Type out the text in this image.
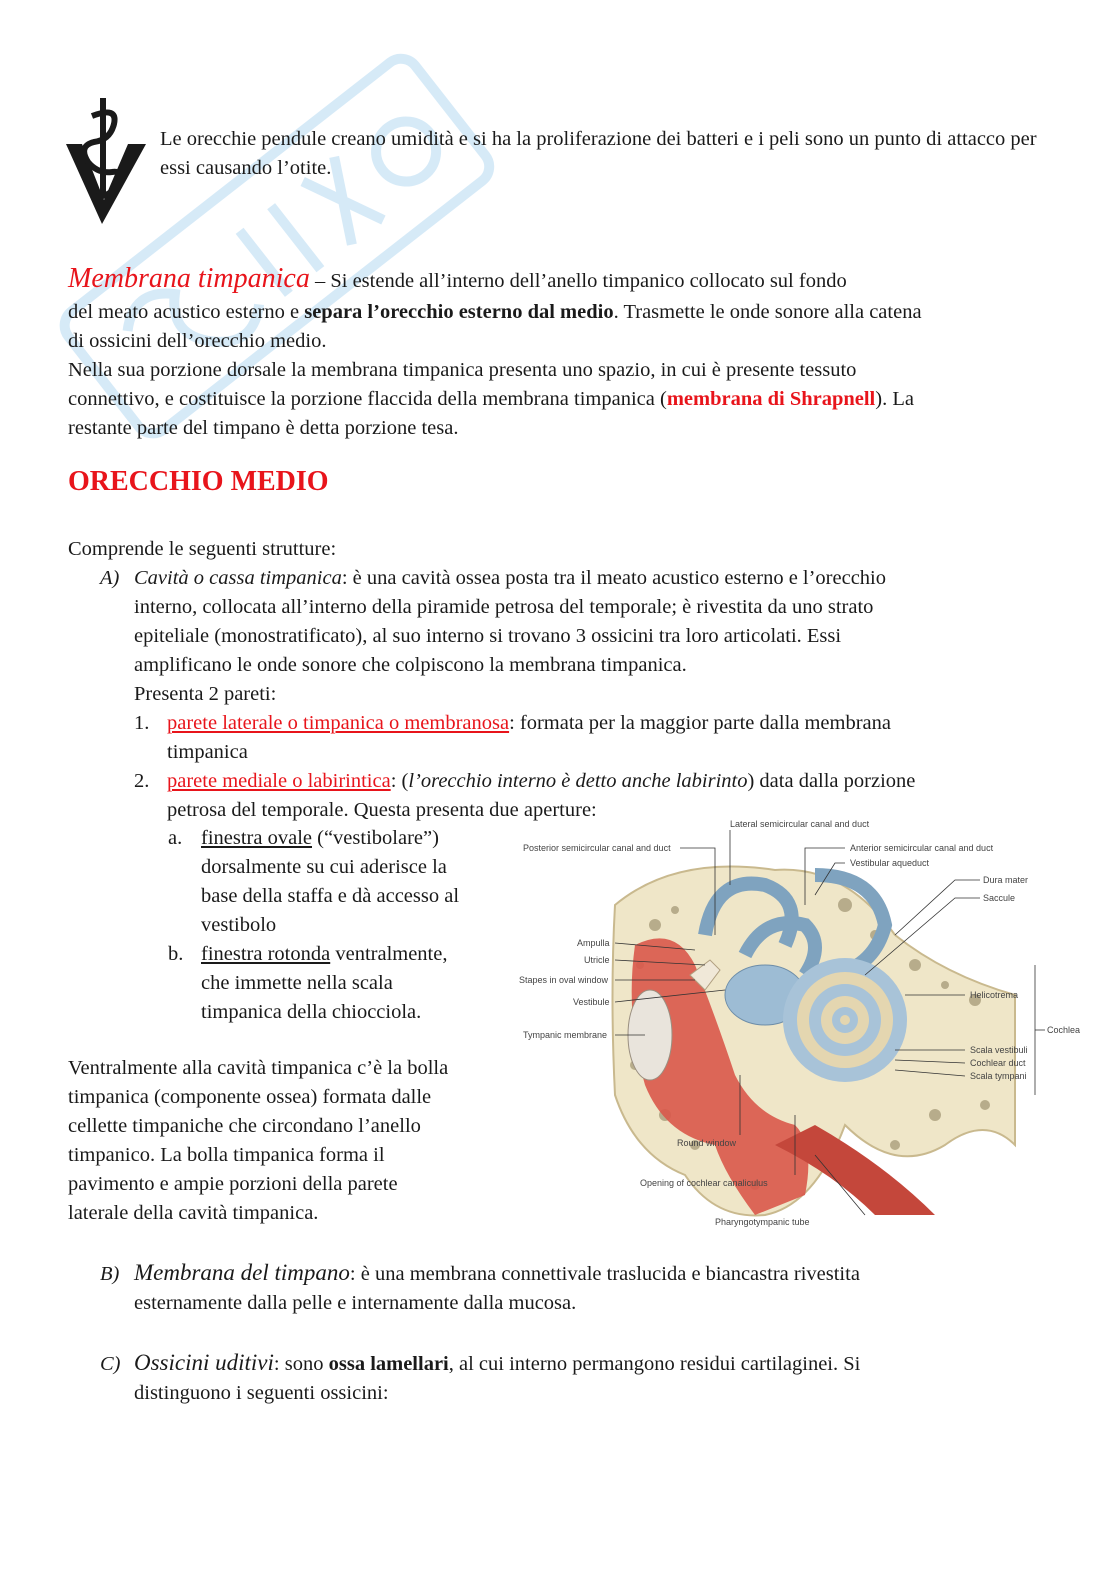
Le orecchie pendule creano umidità e si ha la proliferazione dei batteri e i peli sono un punto di attacco per essi causando l’otite.
Membrana timpanica – Si estende all’interno dell’anello timpanico collocato sul fondo
del meato acustico esterno e separa l’orecchio esterno dal medio. Trasmette le onde sonore alla catena
di ossicini dell’orecchio medio.
Nella sua porzione dorsale la membrana timpanica presenta uno spazio, in cui è presente tessuto
connettivo, e costituisce la porzione flaccida della membrana timpanica (membrana di Shrapnell). La
restante parte del timpano è detta porzione tesa.
ORECCHIO MEDIO
Comprende le seguenti strutture:
A) Cavità o cassa timpanica: è una cavità ossea posta tra il meato acustico esterno e l’orecchio
interno, collocata all’interno della piramide petrosa del temporale; è rivestita da uno strato
epiteliale (monostratificato), al suo interno si trovano 3 ossicini tra loro articolati. Essi
amplificano le onde sonore che colpiscono la membrana timpanica.
Presenta 2 pareti:
1. parete laterale o timpanica o membranosa: formata per la maggior parte dalla membrana
timpanica
2. parete mediale o labirintica: (l’orecchio interno è detto anche labirinto) data dalla porzione
petrosa del temporale. Questa presenta due aperture:
a. finestra ovale (“vestibolare”)
dorsalmente su cui aderisce la
base della staffa e dà accesso al
vestibolo
b. finestra rotonda ventralmente,
che immette nella scala
timpanica della chiocciola.
Ventralmente alla cavità timpanica c’è la bolla
timpanica (componente ossea) formata dalle
cellette timpaniche che circondano l’anello
timpanico. La bolla timpanica forma il
pavimento e ampie porzioni della parete
laterale della cavità timpanica.
Lateral semicircular canal and duct
Posterior semicircular canal and duct	Anterior semicircular canal and duct
Vestibular aqueduct
Dura mater
Saccule
Ampulla
Utricle
Stapes in oval window
Vestibule
Tympanic membrane
Helicotrema
Cochlea
Scala vestibuli
Cochlear duct
Scala tympani
Round window
Opening of cochlear canaliculus
Pharyngotympanic tube
B) Membrana del timpano: è una membrana connettivale traslucida e biancastra rivestita
esternamente dalla pelle e internamente dalla mucosa.
C) Ossicini uditivi: sono ossa lamellari, al cui interno permangono residui cartilaginei. Si
distinguono i seguenti ossicini:
